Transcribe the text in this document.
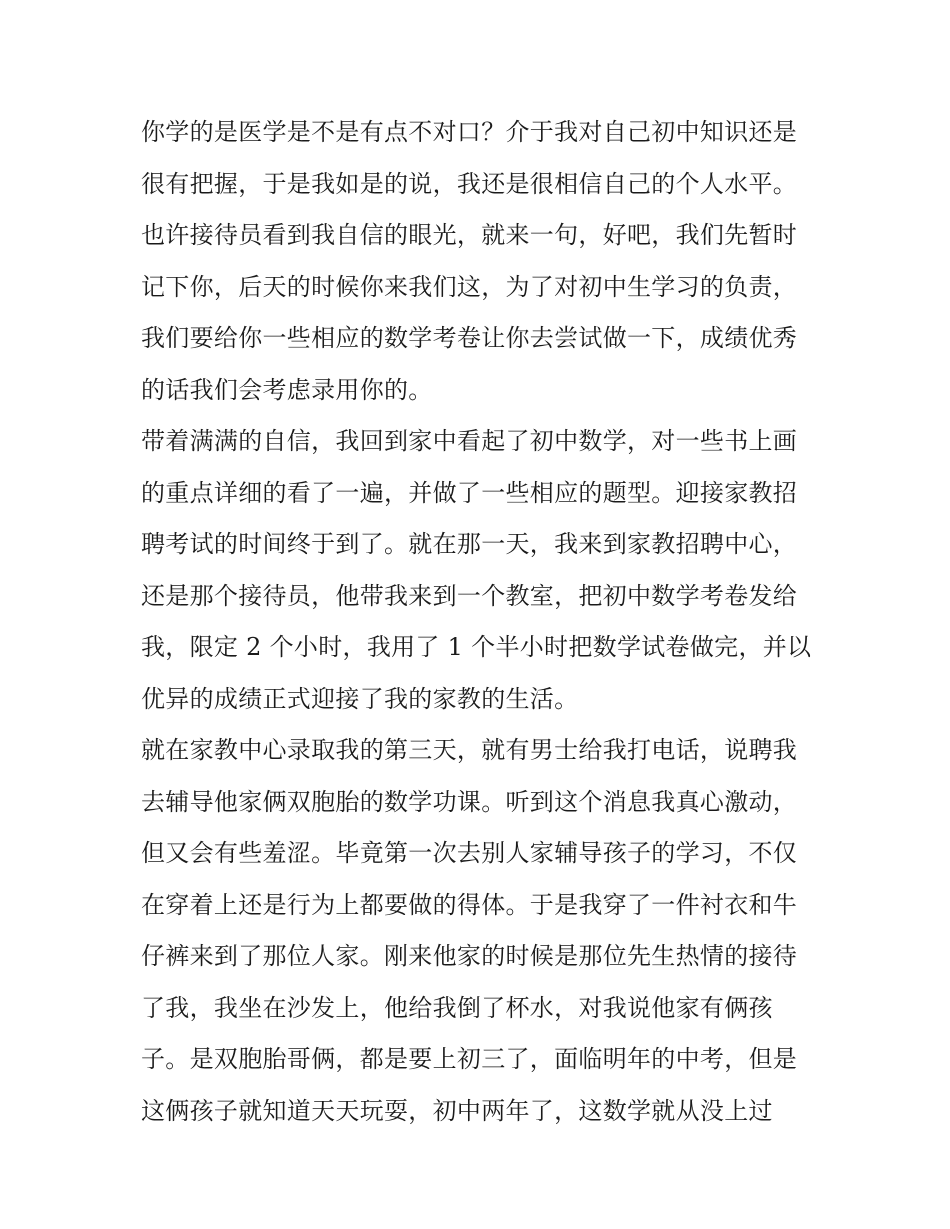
你学的是医学是不是有点不对口？介于我对自己初中知识还是
很有把握，于是我如是的说，我还是很相信自己的个人水平。
也许接待员看到我自信的眼光，就来一句，好吧，我们先暂时
记下你，后天的时候你来我们这，为了对初中生学习的负责，
我们要给你一些相应的数学考卷让你去尝试做一下，成绩优秀
的话我们会考虑录用你的。
带着满满的自信，我回到家中看起了初中数学，对一些书上画
的重点详细的看了一遍，并做了一些相应的题型。迎接家教招
聘考试的时间终于到了。就在那一天，我来到家教招聘中心，
还是那个接待员，他带我来到一个教室，把初中数学考卷发给
我，限定 2 个小时，我用了 1 个半小时把数学试卷做完，并以
优异的成绩正式迎接了我的家教的生活。
就在家教中心录取我的第三天，就有男士给我打电话，说聘我
去辅导他家俩双胞胎的数学功课。听到这个消息我真心激动，
但又会有些羞涩。毕竟第一次去别人家辅导孩子的学习，不仅
在穿着上还是行为上都要做的得体。于是我穿了一件衬衣和牛
仔裤来到了那位人家。刚来他家的时候是那位先生热情的接待
了我，我坐在沙发上，他给我倒了杯水，对我说他家有俩孩
子。是双胞胎哥俩，都是要上初三了，面临明年的中考，但是
这俩孩子就知道天天玩耍，初中两年了，这数学就从没上过
